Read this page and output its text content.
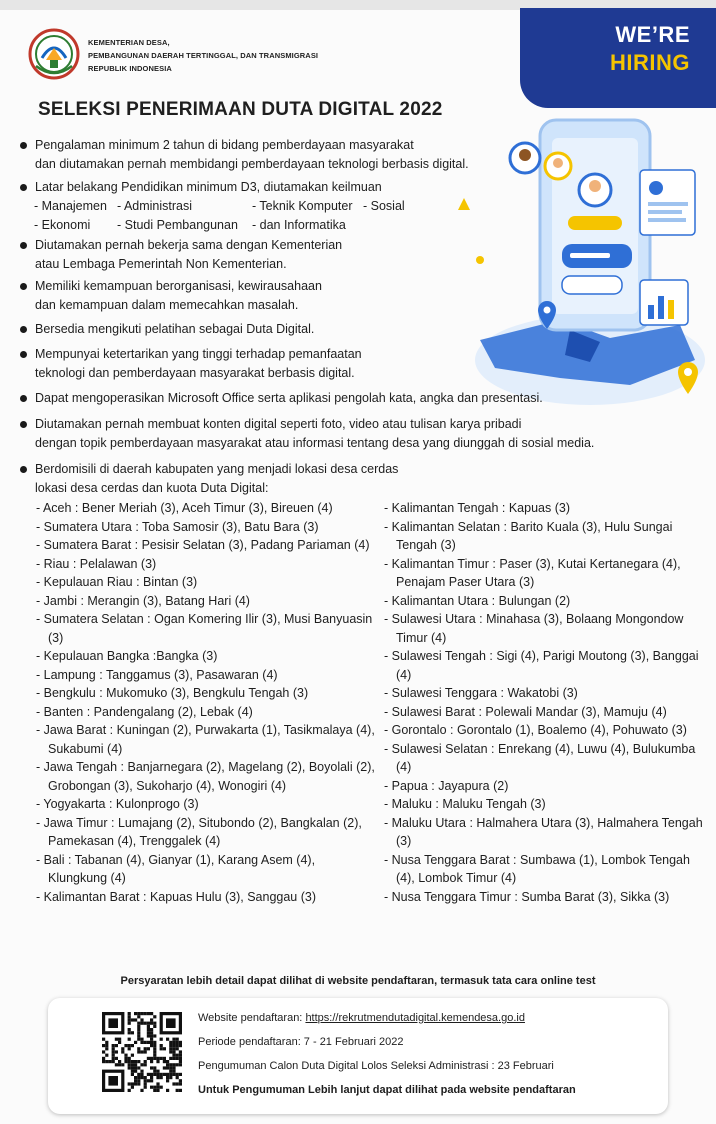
KEMENTERIAN DESA,
PEMBANGUNAN DAERAH TERTINGGAL, DAN TRANSMIGRASI
REPUBLIK INDONESIA
WE’RE
HIRING
SELEKSI PENERIMAAN DUTA DIGITAL 2022
Pengalaman minimum 2 tahun di bidang pemberdayaan masyarakat
dan diutamakan pernah membidangi pemberdayaan teknologi berbasis digital.
Latar belakang Pendidikan minimum D3, diutamakan keilmuan
- Manajemen - Administrasi	- Teknik Komputer - Sosial
- Ekonomi - Studi Pembangunan - dan Informatika
Diutamakan pernah bekerja sama dengan Kementerian
atau Lembaga Pemerintah Non Kementerian.
Memiliki kemampuan berorganisasi, kewirausahaan
dan kemampuan dalam memecahkan masalah.
Bersedia mengikuti pelatihan sebagai Duta Digital.
Mempunyai ketertarikan yang tinggi terhadap pemanfaatan
teknologi dan pemberdayaan masyarakat berbasis digital.
Dapat mengoperasikan Microsoft Office serta aplikasi pengolah kata, angka dan presentasi.
Diutamakan pernah membuat konten digital seperti foto, video atau tulisan karya pribadi
dengan topik pemberdayaan masyarakat atau informasi tentang desa yang diunggah di sosial media.
Berdomisili di daerah kabupaten yang menjadi lokasi desa cerdas
lokasi desa cerdas dan kuota Duta Digital:
- Aceh : Bener Meriah (3), Aceh Timur (3), Bireuen (4)
- Sumatera Utara : Toba Samosir (3), Batu Bara (3)
- Sumatera Barat : Pesisir Selatan (3), Padang Pariaman (4)
- Riau : Pelalawan (3)
- Kepulauan Riau : Bintan (3)
- Jambi : Merangin (3), Batang Hari (4)
- Sumatera Selatan : Ogan Komering Ilir (3), Musi Banyuasin (3)
- Kepulauan Bangka :Bangka (3)
- Lampung : Tanggamus (3), Pasawaran (4)
- Bengkulu : Mukomuko (3), Bengkulu Tengah (3)
- Banten : Pandengalang (2), Lebak (4)
- Jawa Barat : Kuningan (2), Purwakarta (1), Tasikmalaya (4), Sukabumi (4)
- Jawa Tengah : Banjarnegara (2), Magelang (2), Boyolali (2), Grobongan (3), Sukoharjo (4), Wonogiri (4)
- Yogyakarta : Kulonprogo (3)
- Jawa Timur : Lumajang (2), Situbondo (2), Bangkalan (2), Pamekasan (4), Trenggalek (4)
- Bali : Tabanan (4), Gianyar (1), Karang Asem (4), Klungkung (4)
- Kalimantan Barat : Kapuas Hulu (3), Sanggau (3)
- Kalimantan Tengah : Kapuas (3)
- Kalimantan Selatan : Barito Kuala (3), Hulu Sungai Tengah (3)
- Kalimantan Timur : Paser (3), Kutai Kertanegara (4), Penajam Paser Utara (3)
- Kalimantan Utara : Bulungan (2)
- Sulawesi Utara : Minahasa (3), Bolaang Mongondow Timur (4)
- Sulawesi Tengah : Sigi (4), Parigi Moutong (3), Banggai (4)
- Sulawesi Tenggara : Wakatobi (3)
- Sulawesi Barat : Polewali Mandar (3), Mamuju (4)
- Gorontalo : Gorontalo (1), Boalemo (4), Pohuwato (3)
- Sulawesi Selatan : Enrekang (4), Luwu (4), Bulukumba (4)
- Papua : Jayapura (2)
- Maluku : Maluku Tengah (3)
- Maluku Utara : Halmahera Utara (3), Halmahera Tengah (3)
- Nusa Tenggara Barat : Sumbawa (1), Lombok Tengah (4), Lombok Timur (4)
- Nusa Tenggara Timur : Sumba Barat (3), Sikka (3)
Persyaratan lebih detail dapat dilihat di website pendaftaran, termasuk tata cara online test
Website pendaftaran: https://rekrutmendutadigital.kemendesa.go.id
Periode pendaftaran: 7 - 21 Februari 2022
Pengumuman Calon Duta Digital Lolos Seleksi Administrasi : 23 Februari
Untuk Pengumuman Lebih lanjut dapat dilihat pada website pendaftaran
